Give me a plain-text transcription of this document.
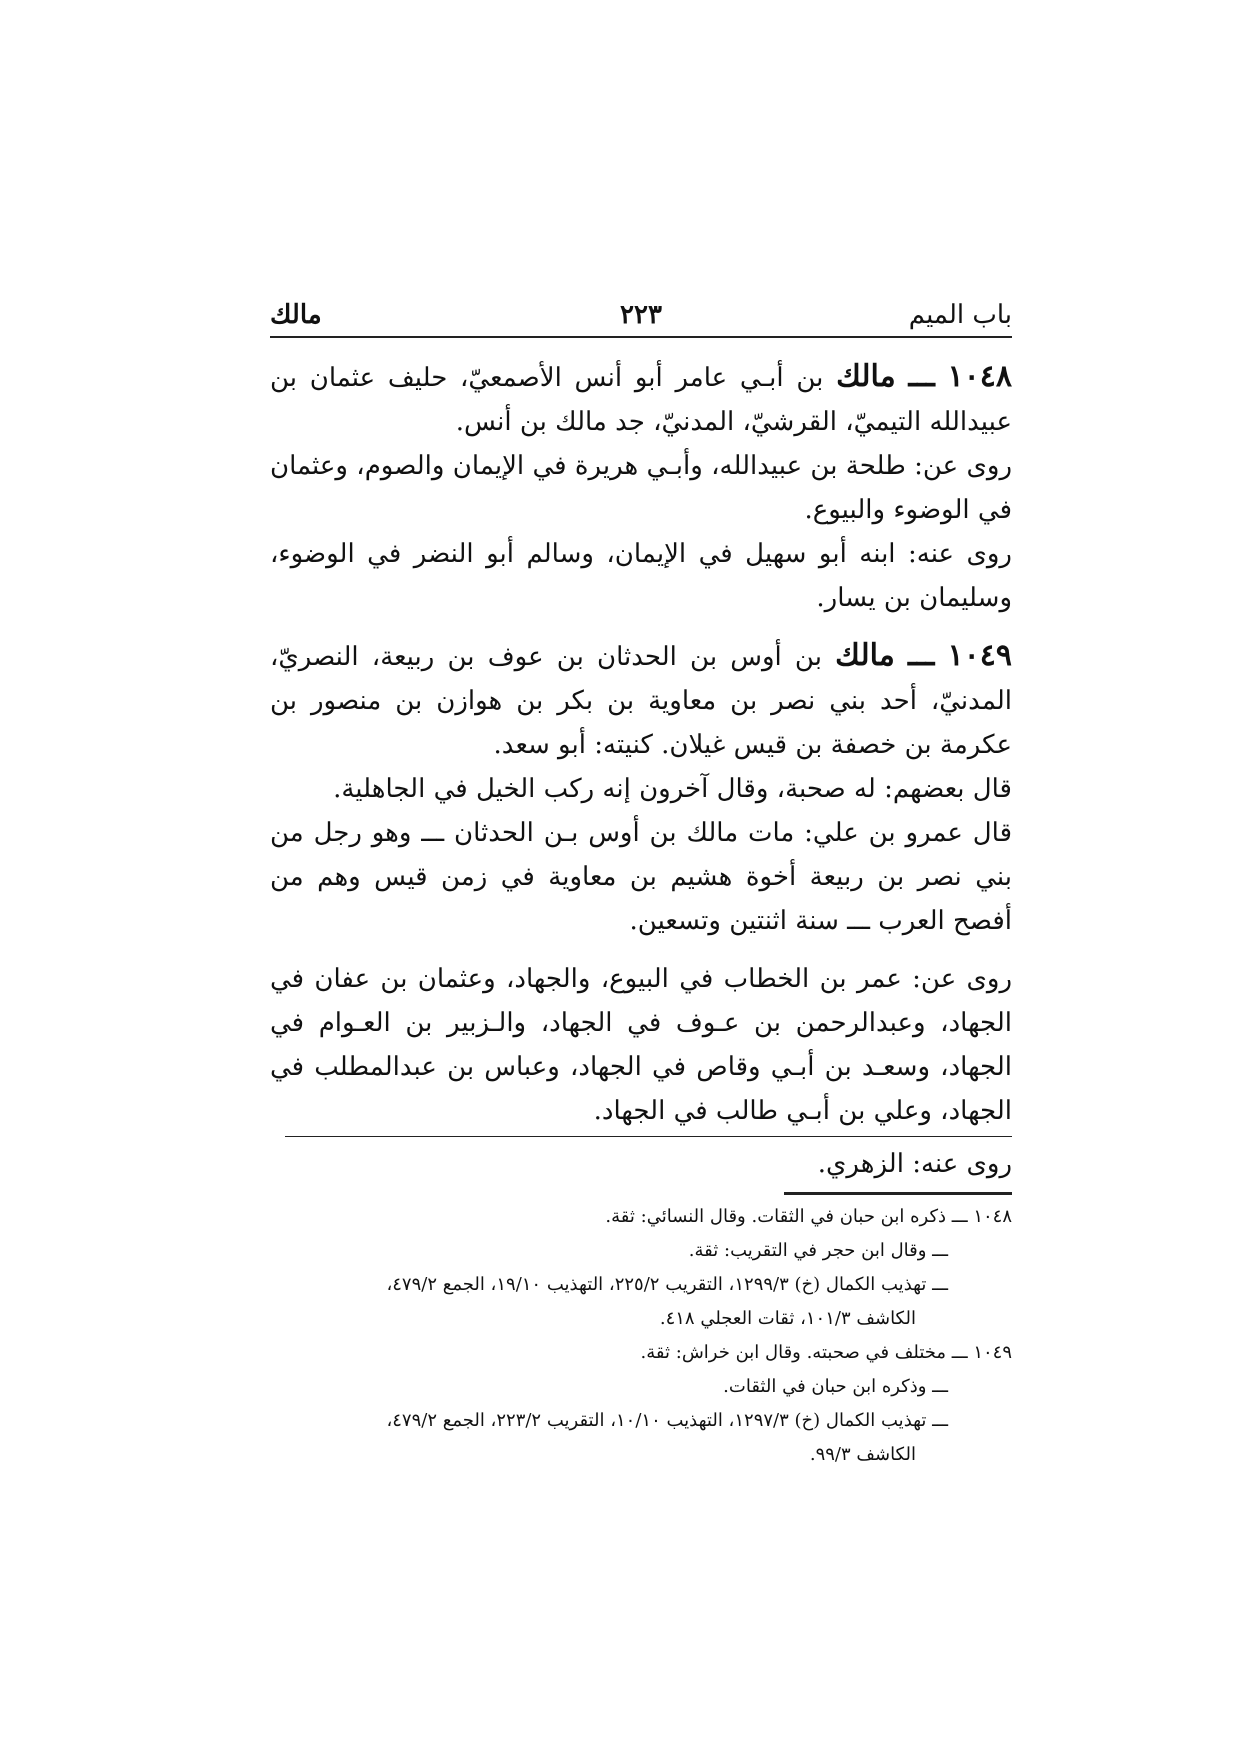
باب الميم
٢٢٣
مالك

١٠٤٨ ـــ مالك بن أبـي عامر أبو أنس الأصمعيّ، حليف عثمان بن عبيدالله التيميّ، القرشيّ، المدنيّ، جد مالك بن أنس.

روى عن: طلحة بن عبيدالله، وأبـي هريرة في الإيمان والصوم، وعثمان في الوضوء والبيوع.

روى عنه: ابنه أبو سهيل في الإيمان، وسالم أبو النضر في الوضوء، وسليمان بن يسار.

١٠٤٩ ـــ مالك بن أوس بن الحدثان بن عوف بن ربيعة، النصريّ، المدنيّ، أحد بني نصر بن معاوية بن بكر بن هوازن بن منصور بن عكرمة بن خصفة بن قيس غيلان. كنيته: أبو سعد.

قال بعضهم: له صحبة، وقال آخرون إنه ركب الخيل في الجاهلية.

قال عمرو بن علي: مات مالك بن أوس بـن الحدثان ـــ وهو رجل من بني نصر بن ربيعة أخوة هشيم بن معاوية في زمن قيس وهم من أفصح العرب ـــ سنة اثنتين وتسعين.

روى عن: عمر بن الخطاب في البيوع، والجهاد، وعثمان بن عفان في الجهاد، وعبدالرحمن بن عـوف في الجهاد، والـزبير بن العـوام في الجهاد، وسعـد بن أبـي وقاص في الجهاد، وعباس بن عبدالمطلب في الجهاد، وعلي بن أبـي طالب في الجهاد.

روى عنه: الزهري.

١٠٤٨ ـــ ذكره ابن حبان في الثقات. وقال النسائي: ثقة.

ـــ وقال ابن حجر في التقريب: ثقة.

ـــ تهذيب الكمال (خ) ١٢٩٩/٣، التقريب ٢٢٥/٢، التهذيب ١٩/١٠، الجمع ٤٧٩/٢،

الكاشف ١٠١/٣، ثقات العجلي ٤١٨.

١٠٤٩ ـــ مختلف في صحبته. وقال ابن خراش: ثقة.

ـــ وذكره ابن حبان في الثقات.

ـــ تهذيب الكمال (خ) ١٢٩٧/٣، التهذيب ١٠/١٠، التقريب ٢٢٣/٢، الجمع ٤٧٩/٢،

الكاشف ٩٩/٣.
